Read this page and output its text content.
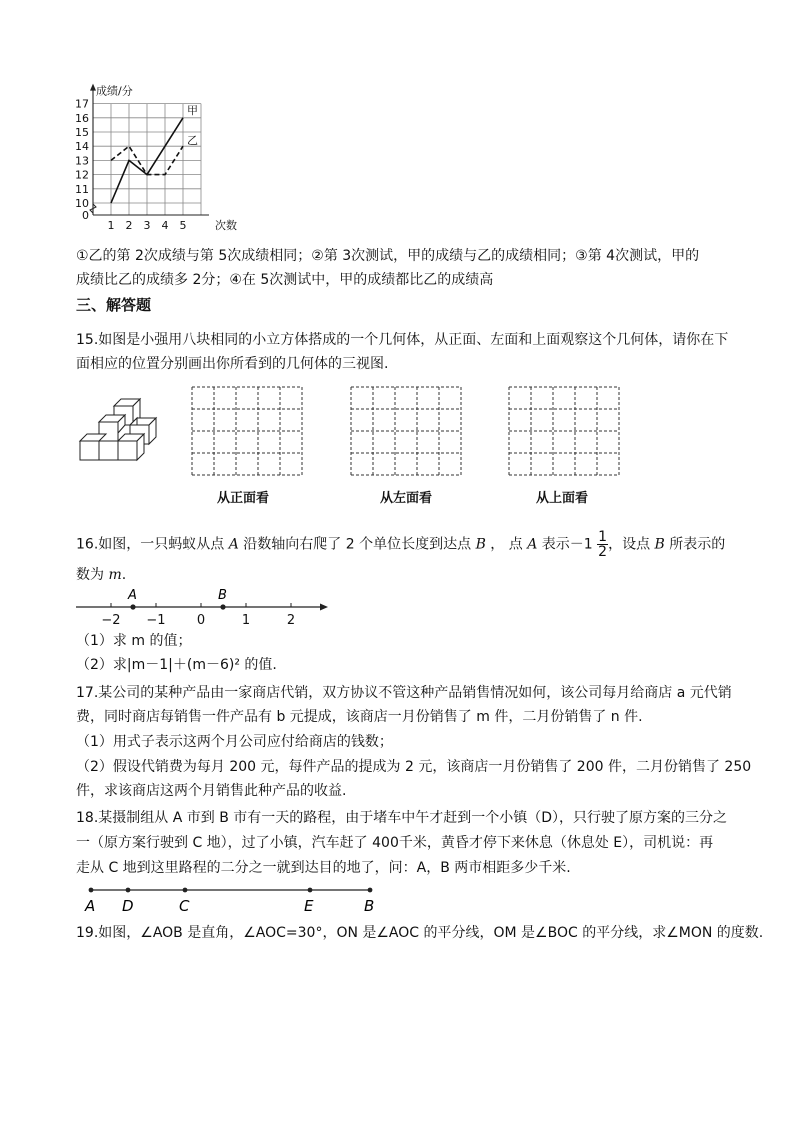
0
10
11
12
13
14
15
16
17
1 2 3 4 5	次数
成绩/分
甲
乙
①乙的第 2次成绩与第 5次成绩相同；②第 3次测试，甲的成绩与乙的成绩相同；③第 4次测试，甲的
成绩比乙的成绩多 2分；④在 5次测试中，甲的成绩都比乙的成绩高
三、解答题
15.如图是小强用八块相同的小立方体搭成的一个几何体，从正面、左面和上面观察这个几何体，请你在下
面相应的位置分别画出你所看到的几何体的三视图.
从正面看	从左面看	从上面看
16.如图，一只蚂蚁从点 A 沿数轴向右爬了 2 个单位长度到达点 B ， 点 A 表示$-1 \frac{1}{2}$ ，设点 B 所表示的
数为 m.
−2 −1 0	1	2
A	B
（1）求 m 的值；
（2）求|m－1|＋(m－6)² 的值.
17.某公司的某种产品由一家商店代销，双方协议不管这种产品销售情况如何，该公司每月给商店 a 元代销
费，同时商店每销售一件产品有 b 元提成，该商店一月份销售了 m 件，二月份销售了 n 件.
（1）用式子表示这两个月公司应付给商店的钱数；
（2）假设代销费为每月 200 元，每件产品的提成为 2 元，该商店一月份销售了 200 件，二月份销售了 250
件，求该商店这两个月销售此种产品的收益.
18.某摄制组从 A 市到 B 市有一天的路程，由于堵车中午才赶到一个小镇（D），只行驶了原方案的三分之
一（原方案行驶到 C 地），过了小镇，汽车赶了 400千米，黄昏才停下来休息（休息处 E），司机说：再
走从 C 地到这里路程的二分之一就到达目的地了，问：A，B 两市相距多少千米.
A D	C	E	B
19.如图，∠AOB 是直角，∠AOC=30°，ON 是∠AOC 的平分线，OM 是∠BOC 的平分线，求∠MON 的度数.
